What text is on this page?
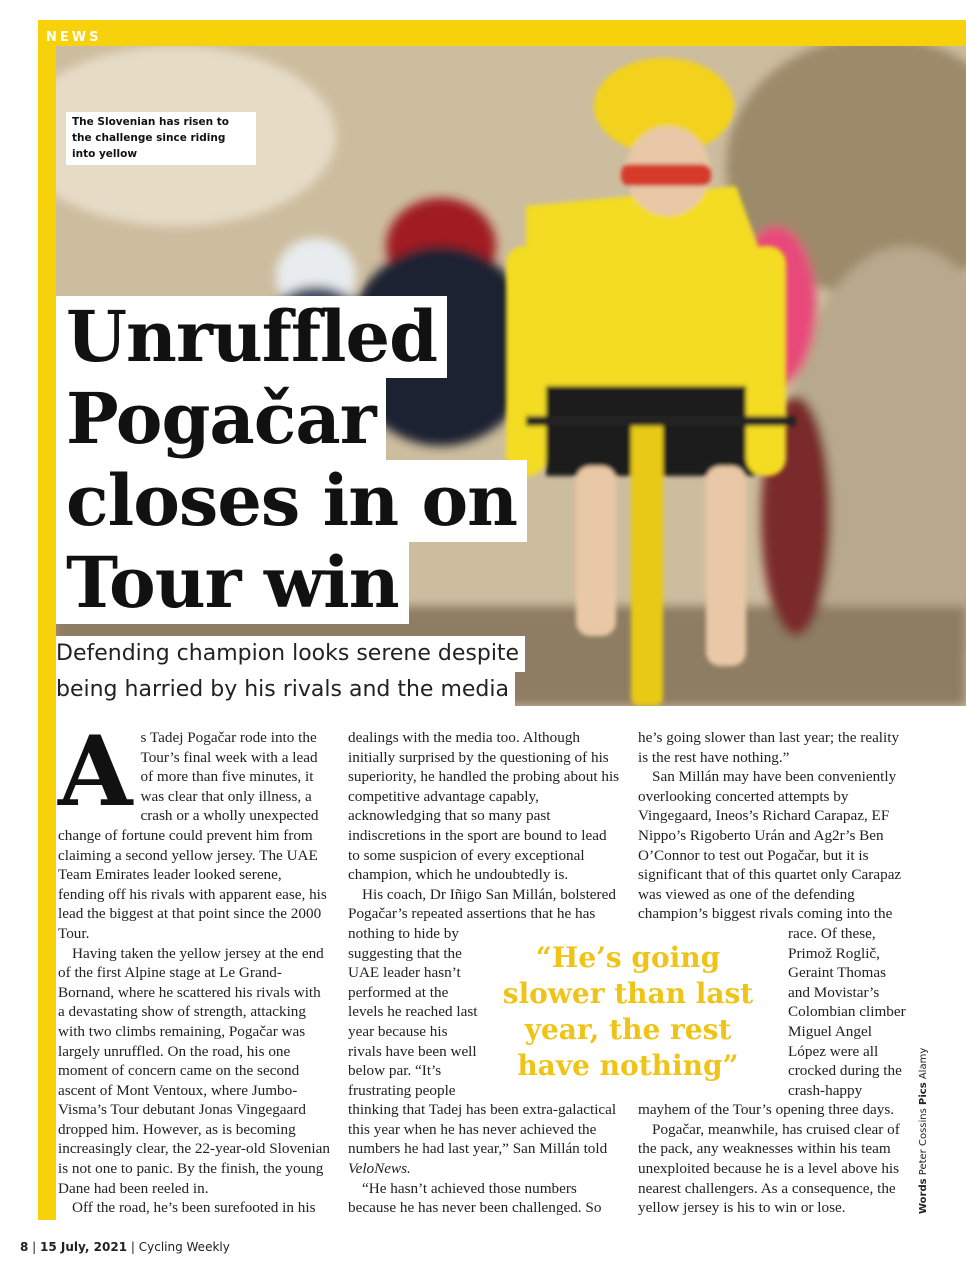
NEWS
The Slovenian has risen to the challenge since riding into yellow
Unruffled
Pogačar
closes in on
Tour win
Defending champion looks serene despite
being harried by his rivals and the media

As Tadej Pogačar rode into the Tour’s final week with a lead of more than five minutes, it was clear that only illness, a crash or a wholly unexpected change of fortune could prevent him from claiming a second yellow jersey. The UAE Team Emirates leader looked serene, fending off his rivals with apparent ease, his lead the biggest at that point since the 2000 Tour.

Having taken the yellow jersey at the end of the first Alpine stage at Le Grand-Bornand, where he scattered his rivals with a devastating show of strength, attacking with two climbs remaining, Pogačar was largely unruffled. On the road, his one moment of concern came on the second ascent of Mont Ventoux, where Jumbo-Visma’s Tour debutant Jonas Vingegaard dropped him. However, as is becoming increasingly clear, the 22-year-old Slovenian is not one to panic. By the finish, the young Dane had been reeled in.

Off the road, he’s been surefooted in his

dealings with the media too. Although initially surprised by the questioning of his superiority, he handled the probing about his competitive advantage capably, acknowledging that so many past indiscretions in the sport are bound to lead to some suspicion of every exceptional champion, which he undoubtedly is.

His coach, Dr Iñigo San Millán, bolstered Pogačar’s repeated assertions that he has

nothing to hide by suggesting that the UAE leader hasn’t performed at the levels he reached last year because his rivals have been well below par. “It’s frustrating people

thinking that Tadej has been extra-galactical this year when he has never achieved the numbers he had last year,” San Millán told VeloNews.

“He hasn’t achieved those numbers because he has never been challenged. So

“He’s going slower than last year, the rest have nothing”

he’s going slower than last year; the reality is the rest have nothing.”

San Millán may have been conveniently overlooking concerted attempts by Vingegaard, Ineos’s Richard Carapaz, EF Nippo’s Rigoberto Urán and Ag2r’s Ben O’Connor to test out Pogačar, but it is significant that of this quartet only Carapaz was viewed as one of the defending champion’s biggest rivals coming into the

race. Of these, Primož Roglič, Geraint Thomas and Movistar’s Colombian climber Miguel Angel López were all crocked during the crash-happy

mayhem of the Tour’s opening three days.

Pogačar, meanwhile, has cruised clear of the pack, any weaknesses within his team unexploited because he is a level above his nearest challengers. As a consequence, the yellow jersey is his to win or lose.	Words Peter Cossins Pics Alamy
8 | 15 July, 2021 | Cycling Weekly
